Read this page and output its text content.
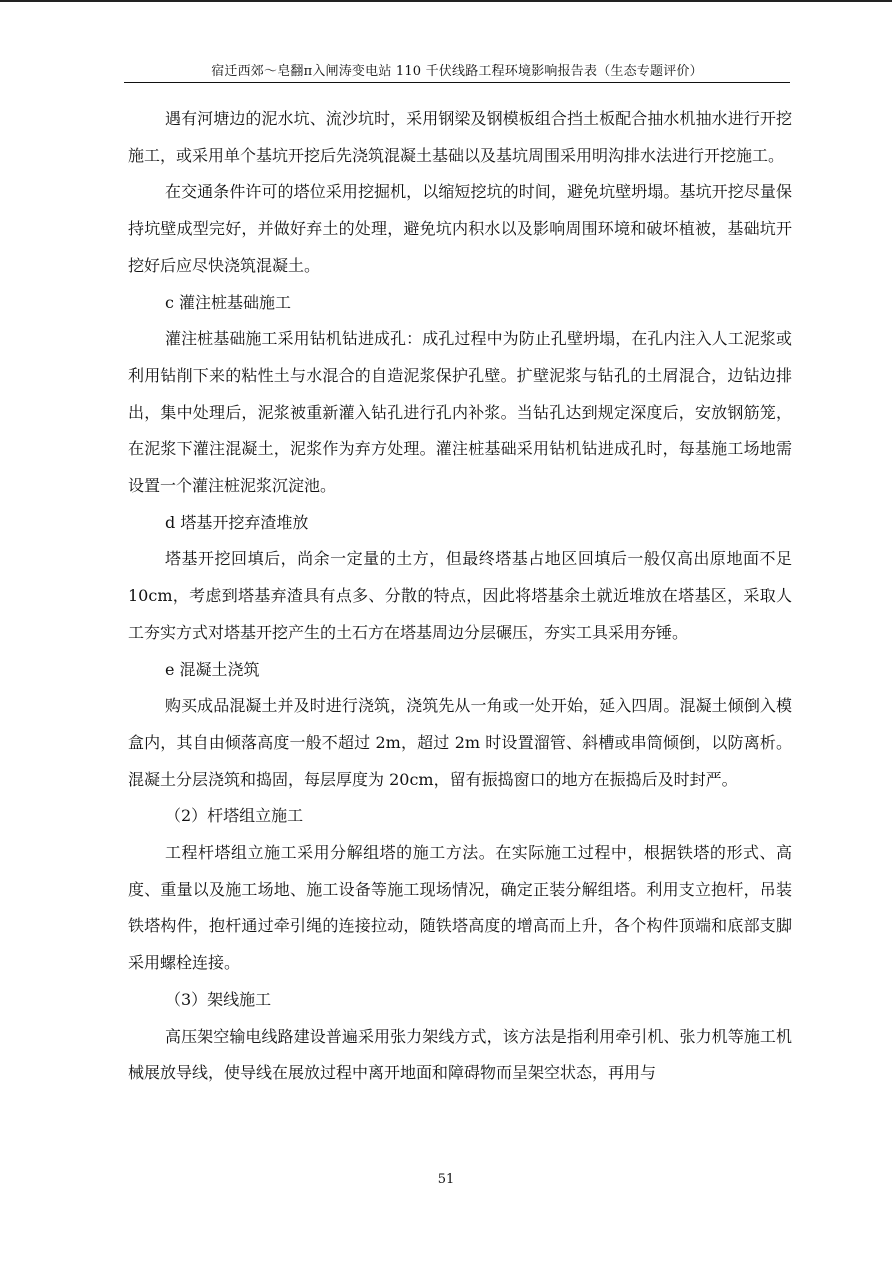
宿迁西郊～皂翻π入闸涛变电站 110 千伏线路工程环境影响报告表（生态专题评价）

遇有河塘边的泥水坑、流沙坑时，采用钢梁及钢模板组合挡土板配合抽水机抽水进行开挖施工，或采用单个基坑开挖后先浇筑混凝土基础以及基坑周围采用明沟排水法进行开挖施工。

在交通条件许可的塔位采用挖掘机，以缩短挖坑的时间，避免坑壁坍塌。基坑开挖尽量保持坑壁成型完好，并做好弃土的处理，避免坑内积水以及影响周围环境和破坏植被，基础坑开挖好后应尽快浇筑混凝土。

c 灌注桩基础施工

灌注桩基础施工采用钻机钻进成孔：成孔过程中为防止孔壁坍塌，在孔内注入人工泥浆或利用钻削下来的粘性土与水混合的自造泥浆保护孔壁。扩壁泥浆与钻孔的土屑混合，边钻边排出，集中处理后，泥浆被重新灌入钻孔进行孔内补浆。当钻孔达到规定深度后，安放钢筋笼，在泥浆下灌注混凝土，泥浆作为弃方处理。灌注桩基础采用钻机钻进成孔时，每基施工场地需设置一个灌注桩泥浆沉淀池。

d 塔基开挖弃渣堆放

塔基开挖回填后，尚余一定量的土方，但最终塔基占地区回填后一般仅高出原地面不足 10cm，考虑到塔基弃渣具有点多、分散的特点，因此将塔基余土就近堆放在塔基区，采取人工夯实方式对塔基开挖产生的土石方在塔基周边分层碾压，夯实工具采用夯锤。

e 混凝土浇筑

购买成品混凝土并及时进行浇筑，浇筑先从一角或一处开始，延入四周。混凝土倾倒入模盒内，其自由倾落高度一般不超过 2m，超过 2m 时设置溜管、斜槽或串筒倾倒，以防离析。混凝土分层浇筑和捣固，每层厚度为 20cm，留有振捣窗口的地方在振捣后及时封严。

（2）杆塔组立施工

工程杆塔组立施工采用分解组塔的施工方法。在实际施工过程中，根据铁塔的形式、高度、重量以及施工场地、施工设备等施工现场情况，确定正装分解组塔。利用支立抱杆，吊装铁塔构件，抱杆通过牵引绳的连接拉动，随铁塔高度的增高而上升，各个构件顶端和底部支脚采用螺栓连接。

（3）架线施工

高压架空输电线路建设普遍采用张力架线方式，该方法是指利用牵引机、张力机等施工机械展放导线，使导线在展放过程中离开地面和障碍物而呈架空状态，再用与

51
